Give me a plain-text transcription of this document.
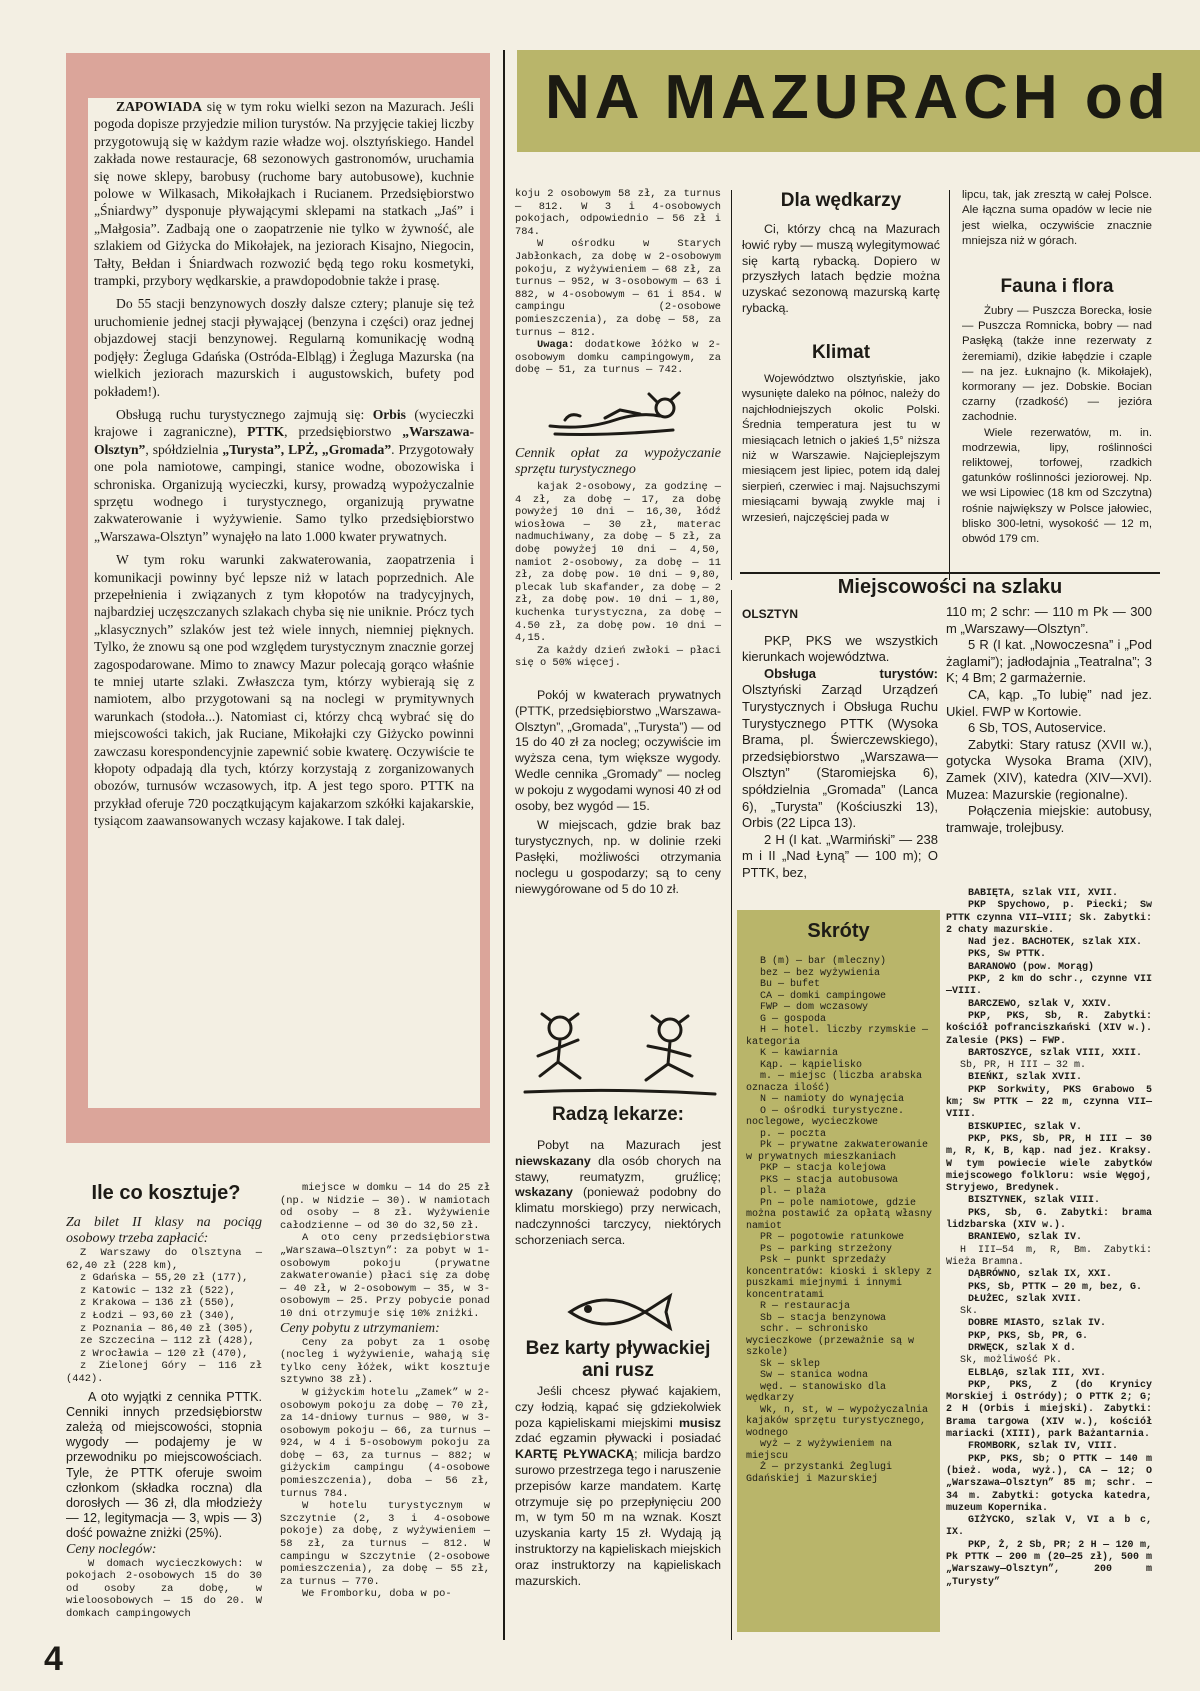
NA MAZURACH od

ZAPOWIADA się w tym roku wielki sezon na Mazurach. Jeśli pogoda dopisze przyjedzie milion turystów. Na przyjęcie takiej liczby przygotowują się w każdym razie władze woj. olsztyńskiego. Handel zakłada nowe restauracje, 68 sezonowych gastronomów, uruchamia się nowe sklepy, barobusy (ruchome bary autobusowe), kuchnie polowe w Wilkasach, Mikołajkach i Rucianem. Przedsiębiorstwo „Śniardwy” dysponuje pływającymi sklepami na statkach „Jaś” i „Małgosia”. Zadbają one o zaopatrzenie nie tylko w żywność, ale szlakiem od Giżycka do Mikołajek, na jeziorach Kisajno, Niegocin, Tałty, Bełdan i Śniardwach rozwozić będą tego roku kosmetyki, trampki, przybory wędkarskie, a prawdopodobnie także i prasę.

Do 55 stacji benzynowych doszły dalsze cztery; planuje się też uruchomienie jednej stacji pływającej (benzyna i części) oraz jednej objazdowej stacji benzynowej. Regularną komunikację wodną podjęły: Żegluga Gdańska (Ostróda-Elbląg) i Żegluga Mazurska (na wielkich jeziorach mazurskich i augustowskich, bufety pod pokładem!).

Obsługą ruchu turystycznego zajmują się: Orbis (wycieczki krajowe i zagraniczne), PTTK, przedsiębiorstwo „Warszawa-Olsztyn”, spółdzielnia „Turysta”, LPŻ, „Gromada”. Przygotowały one pola namiotowe, campingi, stanice wodne, obozowiska i schroniska. Organizują wycieczki, kursy, prowadzą wypożyczalnie sprzętu wodnego i turystycznego, organizują prywatne zakwaterowanie i wyżywienie. Samo tylko przedsiębiorstwo „Warszawa-Olsztyn” wynajęło na lato 1.000 kwater prywatnych.

W tym roku warunki zakwaterowania, zaopatrzenia i komunikacji powinny być lepsze niż w latach poprzednich. Ale przepełnienia i związanych z tym kłopotów na tradycyjnych, najbardziej uczęszczanych szlakach chyba się nie uniknie. Prócz tych „klasycznych” szlaków jest też wiele innych, niemniej pięknych. Tylko, że znowu są one pod względem turystycznym znacznie gorzej zagospodarowane. Mimo to znawcy Mazur polecają gorąco właśnie te mniej utarte szlaki. Zwłaszcza tym, którzy wybierają się z namiotem, albo przygotowani są na noclegi w prymitywnych warunkach (stodoła...). Natomiast ci, którzy chcą wybrać się do miejscowości takich, jak Ruciane, Mikołajki czy Giżycko powinni zawczasu korespondencyjnie zapewnić sobie kwaterę. Oczywiście te kłopoty odpadają dla tych, którzy korzystają z zorganizowanych obozów, turnusów wczasowych, itp. A jest tego sporo. PTTK na przykład oferuje 720 początkującym kajakarzom szkółki kajakarskie, tysiącom zaawansowanych wczasy kajakowe. I tak dalej.

koju 2 osobowym 58 zł, za turnus — 812. W 3 i 4-osobowych pokojach, odpowiednio — 56 zł i 784.

W ośrodku w Starych Jabłonkach, za dobę w 2-osobowym pokoju, z wyżywieniem — 68 zł, za turnus — 952, w 3-osobowym — 63 i 882, w 4-osobowym — 61 i 854. W campingu (2-osobowe pomieszczenia), za dobę — 58, za turnus — 812.

Uwaga: dodatkowe łóżko w 2-osobowym domku campingowym, za dobę — 51, za turnus — 742.

Cennik opłat za wypożyczanie sprzętu turystycznego

kajak 2-osobowy, za godzinę — 4 zł, za dobę — 17, za dobę powyżej 10 dni — 16,30, łódź wiosłowa — 30 zł, materac nadmuchiwany, za dobę — 5 zł, za dobę powyżej 10 dni — 4,50, namiot 2-osobowy, za dobę — 11 zł, za dobę pow. 10 dni — 9,80, plecak lub skafander, za dobę — 2 zł, za dobę pow. 10 dni — 1,80, kuchenka turystyczna, za dobę — 4.50 zł, za dobę pow. 10 dni — 4,15.

Za każdy dzień zwłoki — płaci się o 50% więcej.

Pokój w kwaterach prywatnych (PTTK, przedsiębiorstwo „Warszawa-Olsztyn”, „Gromada”, „Turysta”) — od 15 do 40 zł za nocleg; oczywiście im wyższa cena, tym większe wygody. Wedle cennika „Gromady” — nocleg w pokoju z wygodami wynosi 40 zł od osoby, bez wygód — 15.

W miejscach, gdzie brak baz turystycznych, np. w dolinie rzeki Pasłęki, możliwości otrzymania noclegu u gospodarzy; są to ceny niewygórowane od 5 do 10 zł.

Radzą lekarze:

Pobyt na Mazurach jest niewskazany dla osób chorych na stawy, reumatyzm, gruźlicę; wskazany (ponieważ podobny do klimatu morskiego) przy nerwicach, nadczynności tarczycy, niektórych schorzeniach serca.

Bez karty pływackiej ani rusz

Jeśli chcesz pływać kajakiem, czy łodzią, kąpać się gdziekolwiek poza kąpieliskami miejskimi musisz zdać egzamin pływacki i posiadać KARTĘ PŁYWACKĄ; milicja bardzo surowo przestrzega tego i naruszenie przepisów karze mandatem. Kartę otrzymuje się po przepłynięciu 200 m, w tym 50 m na wznak. Koszt uzyskania karty 15 zł. Wydają ją instruktorzy na kąpieliskach miejskich oraz instruktorzy na kąpieliskach mazurskich.

Dla wędkarzy

Ci, którzy chcą na Mazurach łowić ryby — muszą wylegitymować się kartą rybacką. Dopiero w przyszłych latach będzie można uzyskać sezonową mazurską kartę rybacką.

Klimat

Województwo olsztyńskie, jako wysunięte daleko na północ, należy do najchłodniejszych okolic Polski. Średnia temperatura jest tu w miesiącach letnich o jakieś 1,5° niższa niż w Warszawie. Najcieplejszym miesiącem jest lipiec, potem idą dalej sierpień, czerwiec i maj. Najsuchszymi miesiącami bywają zwykle maj i wrzesień, najczęściej pada w

lipcu, tak, jak zresztą w całej Polsce. Ale łączna suma opadów w lecie nie jest wielka, oczywiście znacznie mniejsza niż w górach.

Fauna i flora

Żubry — Puszcza Borecka, łosie — Puszcza Romnicka, bobry — nad Pasłęką (także inne rezerwaty z żeremiami), dzikie łabędzie i czaple — na jez. Łuknajno (k. Mikołajek), kormorany — jez. Dobskie. Bocian czarny (rzadkość) — jezióra zachodnie.

Wiele rezerwatów, m. in. modrzewia, lipy, roślinności reliktowej, torfowej, rzadkich gatunków roślinności jeziorowej. Np. we wsi Lipowiec (18 km od Szczytna) rośnie największy w Polsce jałowiec, blisko 300-letni, wysokość — 12 m, obwód 179 cm.

Miejscowości na szlaku

OLSZTYN

PKP, PKS we wszystkich kierunkach województwa.

Obsługa turystów: Olsztyński Zarząd Urządzeń Turystycznych i Obsługa Ruchu Turystycznego PTTK (Wysoka Brama, pl. Świerczewskiego), przedsiębiorstwo „Warszawa—Olsztyn” (Staromiejska 6), spółdzielnia „Gromada” (Lanca 6), „Turysta” (Kościuszki 13), Orbis (22 Lipca 13).

2 H (I kat. „Warmiński” — 238 m i II „Nad Łyną” — 100 m); O PTTK, bez,

110 m; 2 schr: — 110 m Pk — 300 m „Warszawy—Olsztyn”.

5 R (I kat. „Nowoczesna” i „Pod żaglami”); jadłodajnia „Teatralna”; 3 K; 4 Bm; 2 garmażernie.

CA, kąp. „To lubię” nad jez. Ukiel. FWP w Kortowie.

6 Sb, TOS, Autoservice.

Zabytki: Stary ratusz (XVII w.), gotycka Wysoka Brama (XIV), Zamek (XIV), katedra (XIV—XVI). Muzea: Mazurskie (regionalne).

Połączenia miejskie: autobusy, tramwaje, trolejbusy.

BABIĘTA, szlak VII, XVII.

PKP Spychowo, p. Piecki; Sw PTTK czynna VII—VIII; Sk. Zabytki: 2 chaty mazurskie.

Nad jez. BACHOTEK, szlak XIX.

PKS, Sw PTTK.

BARANOWO (pow. Morąg)

PKP, 2 km do schr., czynne VII—VIII.

BARCZEWO, szlak V, XXIV.

PKP, PKS, Sb, R. Zabytki: kościół pofranciszkański (XIV w.). Zalesie (PKS) — FWP.

BARTOSZYCE, szlak VIII, XXII.

Sb, PR, H III — 32 m.

BIEŃKI, szlak XVII.

PKP Sorkwity, PKS Grabowo 5 km; Sw PTTK — 22 m, czynna VII—VIII.

BISKUPIEC, szlak V.

PKP, PKS, Sb, PR, H III — 30 m, R, K, B, kąp. nad jez. Kraksy. W tym powiecie wiele zabytków miejscowego folkloru: wsie Węgoj, Stryjewo, Bredynek.

BISZTYNEK, szlak VIII.

PKS, Sb, G. Zabytki: brama lidzbarska (XIV w.).

BRANIEWO, szlak IV.

H III—54 m, R, Bm. Zabytki: Wieża Bramna.

DĄBRÓWNO, szlak IX, XXI.

PKS, Sb, PTTK — 20 m, bez, G.

DŁUŻEC, szlak XVII.

Sk.

DOBRE MIASTO, szlak IV.

PKP, PKS, Sb, PR, G.

DRWĘCK, szlak X d.

Sk, możliwość Pk.

ELBLĄG, szlak III, XVI.

PKP, PKS, Z (do Krynicy Morskiej i Ostródy); O PTTK 2; G; 2 H (Orbis i miejski). Zabytki: Brama targowa (XIV w.), kościół mariacki (XIII), park Bażantarnia.

FROMBORK, szlak IV, VIII.

PKP, PKS, Sb; O PTTK — 140 m (bież. woda, wyż.), CA — 12; O „Warszawa—Olsztyn” 85 m; schr. — 34 m. Zabytki: gotycka katedra, muzeum Kopernika.

GIŻYCKO, szlak V, VI a b c, IX.

PKP, Ż, 2 Sb, PR; 2 H — 120 m, Pk PTTK — 200 m (20—25 zł), 500 m „Warszawy—Olsztyn”, 200 m „Turysty”

Skróty

B (m) — bar (mleczny)

bez — bez wyżywienia

Bu — bufet

CA — domki campingowe

FWP — dom wczasowy

G — gospoda

H — hotel. liczby rzymskie — kategoria

K — kawiarnia

Kąp. — kąpielisko

m. — miejsc (liczba arabska oznacza ilość)

N — namioty do wynajęcia

O — ośrodki turystyczne. noclegowe, wycieczkowe

p. — poczta

Pk — prywatne zakwaterowanie w prywatnych mieszkaniach

PKP — stacja kolejowa

PKS — stacja autobusowa

pl. — plaża

Pn — pole namiotowe, gdzie można postawić za opłatą własny namiot

PR — pogotowie ratunkowe

Ps — parking strzeżony

Psk — punkt sprzedaży koncentratów: kioski i sklepy z puszkami miejnymi i innymi koncentratami

R — restauracja

Sb — stacja benzynowa

schr. — schronisko wycieczkowe (przeważnie są w szkole)

Sk — sklep

Sw — stanica wodna

węd. — stanowisko dla wędkarzy

Wk, n, st, w — wypożyczalnia kajaków sprzętu turystycznego, wodnego

wyż — z wyżywieniem na miejscu

Ż — przystanki Żeglugi Gdańskiej i Mazurskiej

Ile co kosztuje?

Za bilet II klasy na pociąg osobowy trzeba zapłacić:

Z Warszawy do Olsztyna — 62,40 zł (228 km),

z Gdańska — 55,20 zł (177),

z Katowic — 132 zł (522),

z Krakowa — 136 zł (550),

z Łodzi — 93,60 zł (340),

z Poznania — 86,40 zł (305),

ze Szczecina — 112 zł (428),

z Wrocławia — 120 zł (470),

z Zielonej Góry — 116 zł (442).

A oto wyjątki z cennika PTTK. Cenniki innych przedsiębiorstw zależą od miejscowości, stopnia wygody — podajemy je w przewodniku po miejscowościach. Tyle, że PTTK oferuje swoim członkom (składka roczna) dla dorosłych — 36 zł, dla młodzieży — 12, legitymacja — 3, wpis — 3) dość poważne zniżki (25%).

Ceny noclegów:

W domach wycieczkowych: w pokojach 2-osobowych 15 do 30 od osoby za dobę, w wieloosobowych — 15 do 20. W domkach campingowych

miejsce w domku — 14 do 25 zł (np. w Nidzie — 30). W namiotach od osoby — 8 zł. Wyżywienie całodzienne — od 30 do 32,50 zł.

A oto ceny przedsiębiorstwa „Warszawa—Olsztyn”: za pobyt w 1-osobowym pokoju (prywatne zakwaterowanie) płaci się za dobę — 40 zł, w 2-osobowym — 35, w 3-osobowym — 25. Przy pobycie ponad 10 dni otrzymuje się 10% zniżki.

Ceny pobytu z utrzymaniem:

Ceny za pobyt za 1 osobę (nocleg i wyżywienie, wahają się tylko ceny łóżek, wikt kosztuje sztywno 38 zł).

W giżyckim hotelu „Zamek” w 2-osobowym pokoju za dobę — 70 zł, za 14-dniowy turnus — 980, w 3-osobowym pokoju — 66, za turnus — 924, w 4 i 5-osobowym pokoju za dobę — 63, za turnus — 882; w giżyckim campingu (4-osobowe pomieszczenia), doba — 56 zł, turnus 784.

W hotelu turystycznym w Szczytnie (2, 3 i 4-osobowe pokoje) za dobę, z wyżywieniem — 58 zł, za turnus — 812. W campingu w Szczytnie (2-osobowe pomieszczenia), za dobę — 55 zł, za turnus — 770.

We Fromborku, doba w po-

4
